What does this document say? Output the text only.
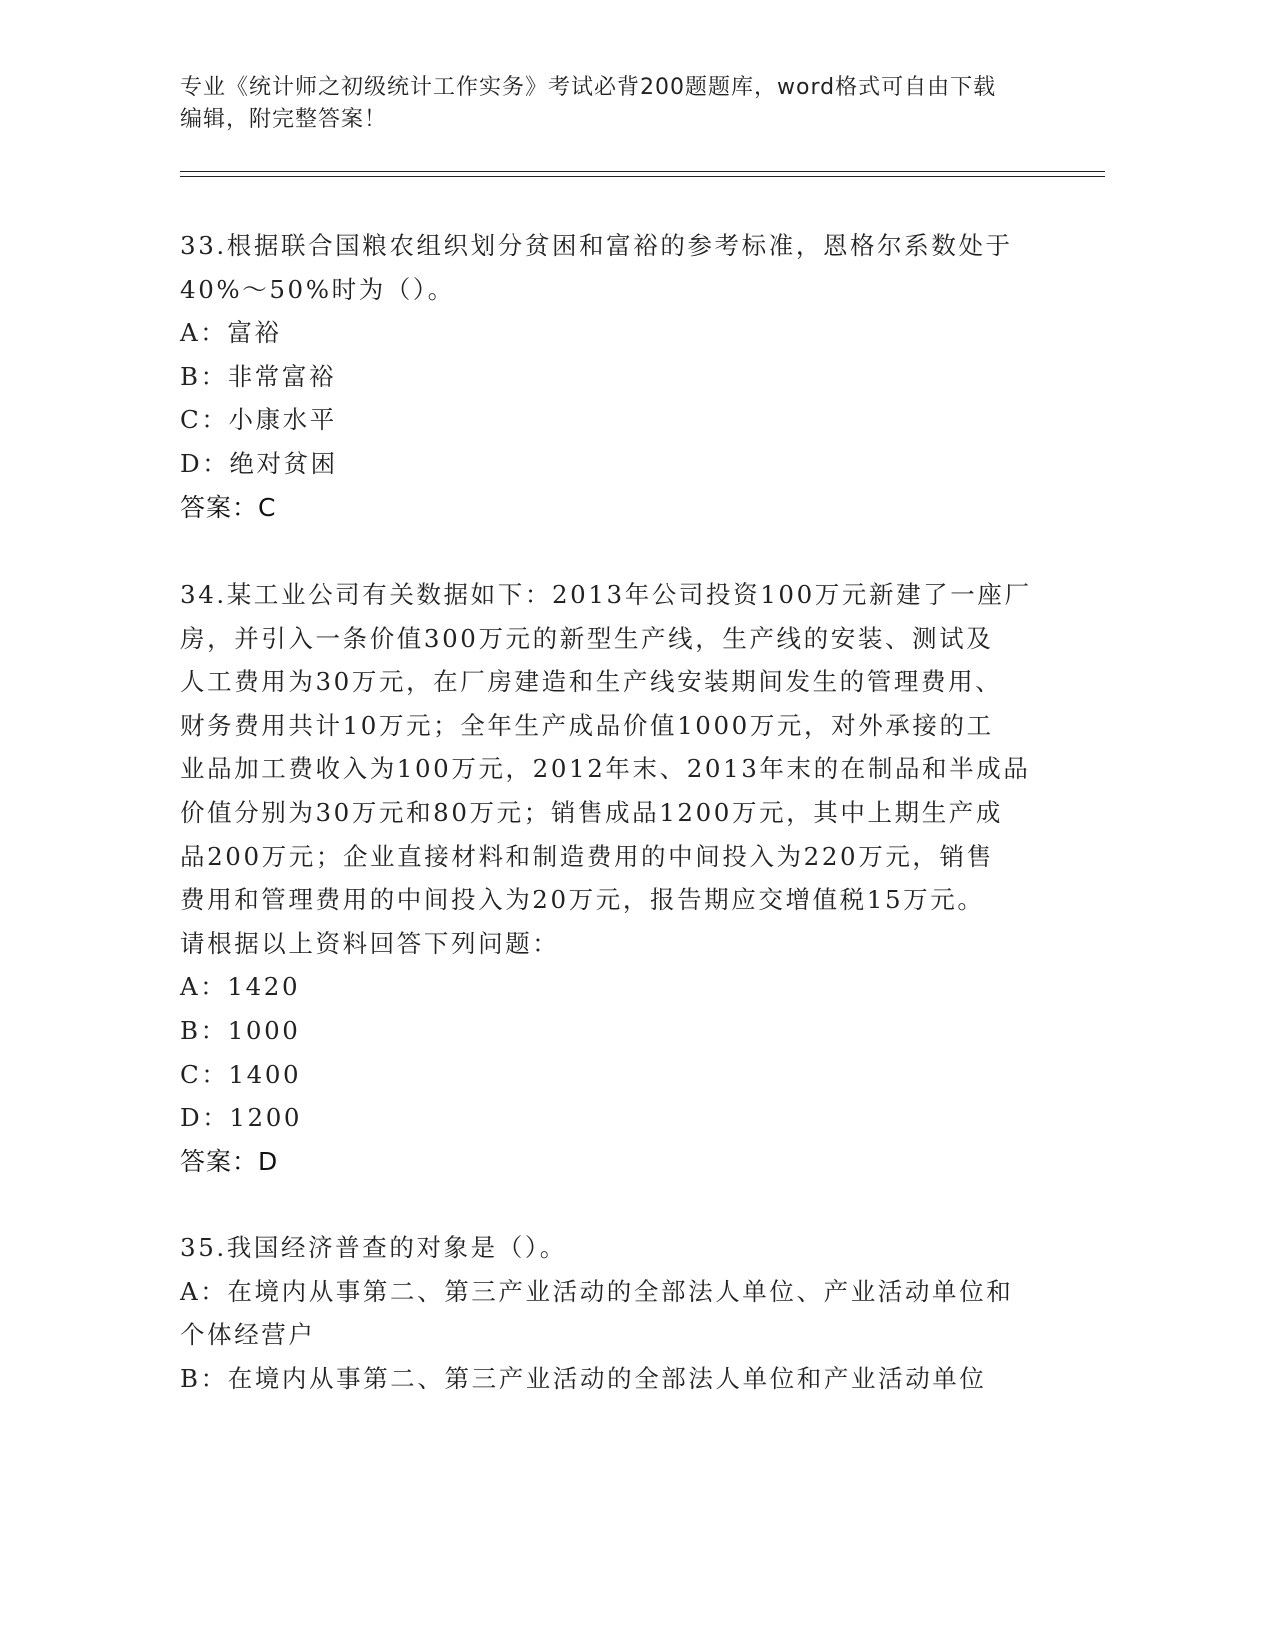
专业《统计师之初级统计工作实务》考试必背200题题库，word格式可自由下载
编辑，附完整答案！

33.根据联合国粮农组织划分贫困和富裕的参考标准，恩格尔系数处于

40%～50%时为（）。

A：富裕

B：非常富裕

C：小康水平

D：绝对贫困

答案：C

34.某工业公司有关数据如下：2013年公司投资100万元新建了一座厂

房，并引入一条价值300万元的新型生产线，生产线的安装、测试及

人工费用为30万元，在厂房建造和生产线安装期间发生的管理费用、

财务费用共计10万元；全年生产成品价值1000万元，对外承接的工

业品加工费收入为100万元，2012年末、2013年末的在制品和半成品

价值分别为30万元和80万元；销售成品1200万元，其中上期生产成

品200万元；企业直接材料和制造费用的中间投入为220万元，销售

费用和管理费用的中间投入为20万元，报告期应交增值税15万元。

请根据以上资料回答下列问题：

A：1420

B：1000

C：1400

D：1200

答案：D

35.我国经济普查的对象是（）。

A：在境内从事第二、第三产业活动的全部法人单位、产业活动单位和

个体经营户

B：在境内从事第二、第三产业活动的全部法人单位和产业活动单位
